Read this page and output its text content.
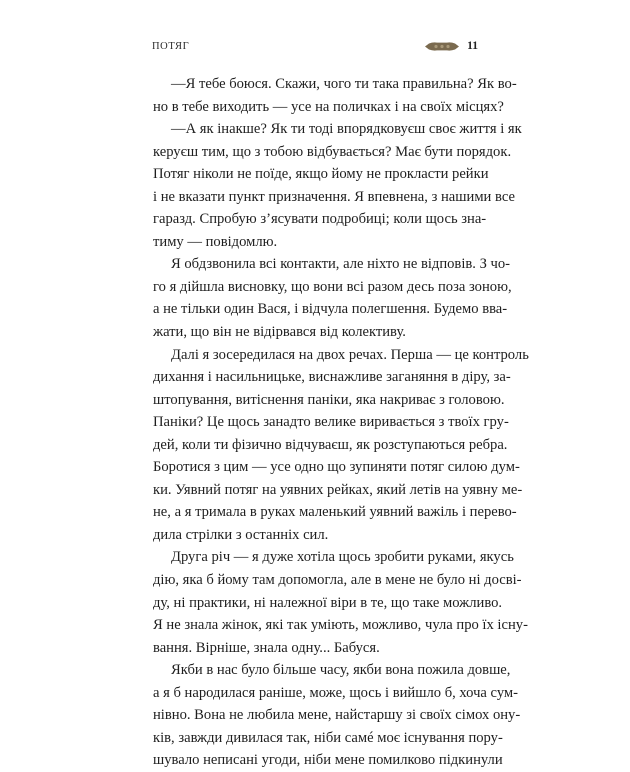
ПОТЯГ	11
—Я тебе боюся. Скажи, чого ти така правильна? Як во-
но в тебе виходить — усе на поличках і на своїх місцях?
—А як інакше? Як ти тоді впорядковуєш своє життя і як
керуєш тим, що з тобою відбувається? Має бути порядок.
Потяг ніколи не поїде, якщо йому не прокласти рейки
і не вказати пункт призначення. Я впевнена, з нашими все
гаразд. Спробую з’ясувати подробиці; коли щось зна-
тиму — повідомлю.
Я обдзвонила всі контакти, але ніхто не відповів. З чо-
го я дійшла висновку, що вони всі разом десь поза зоною,
а не тільки один Вася, і відчула полегшення. Будемо вва-
жати, що він не відірвався від колективу.
Далі я зосередилася на двох речах. Перша — це контроль
дихання і насильницьке, виснажливе заганяння в діру, за-
штопування, витіснення паніки, яка накриває з головою.
Паніки? Це щось занадто велике виривається з твоїх гру-
дей, коли ти фізично відчуваєш, як розступаються ребра.
Боротися з цим — усе одно що зупиняти потяг силою дум-
ки. Уявний потяг на уявних рейках, який летів на уявну ме-
не, а я тримала в руках маленький уявний важіль і перево-
дила стрілки з останніх сил.
Друга річ — я дуже хотіла щось зробити руками, якусь
дію, яка б йому там допомогла, але в мене не було ні досві-
ду, ні практики, ні належної віри в те, що таке можливо.
Я не знала жінок, які так уміють, можливо, чула про їх існу-
вання. Вірніше, знала одну... Бабуся.
Якби в нас було більше часу, якби вона пожила довше,
а я б народилася раніше, може, щось і вийшло б, хоча сум-
нівно. Вона не любила мене, найстаршу зі своїх сімох ону-
ків, завжди дивилася так, ніби самé моє існування пору-
шувало неписані угоди, ніби мене помилково підкинули
